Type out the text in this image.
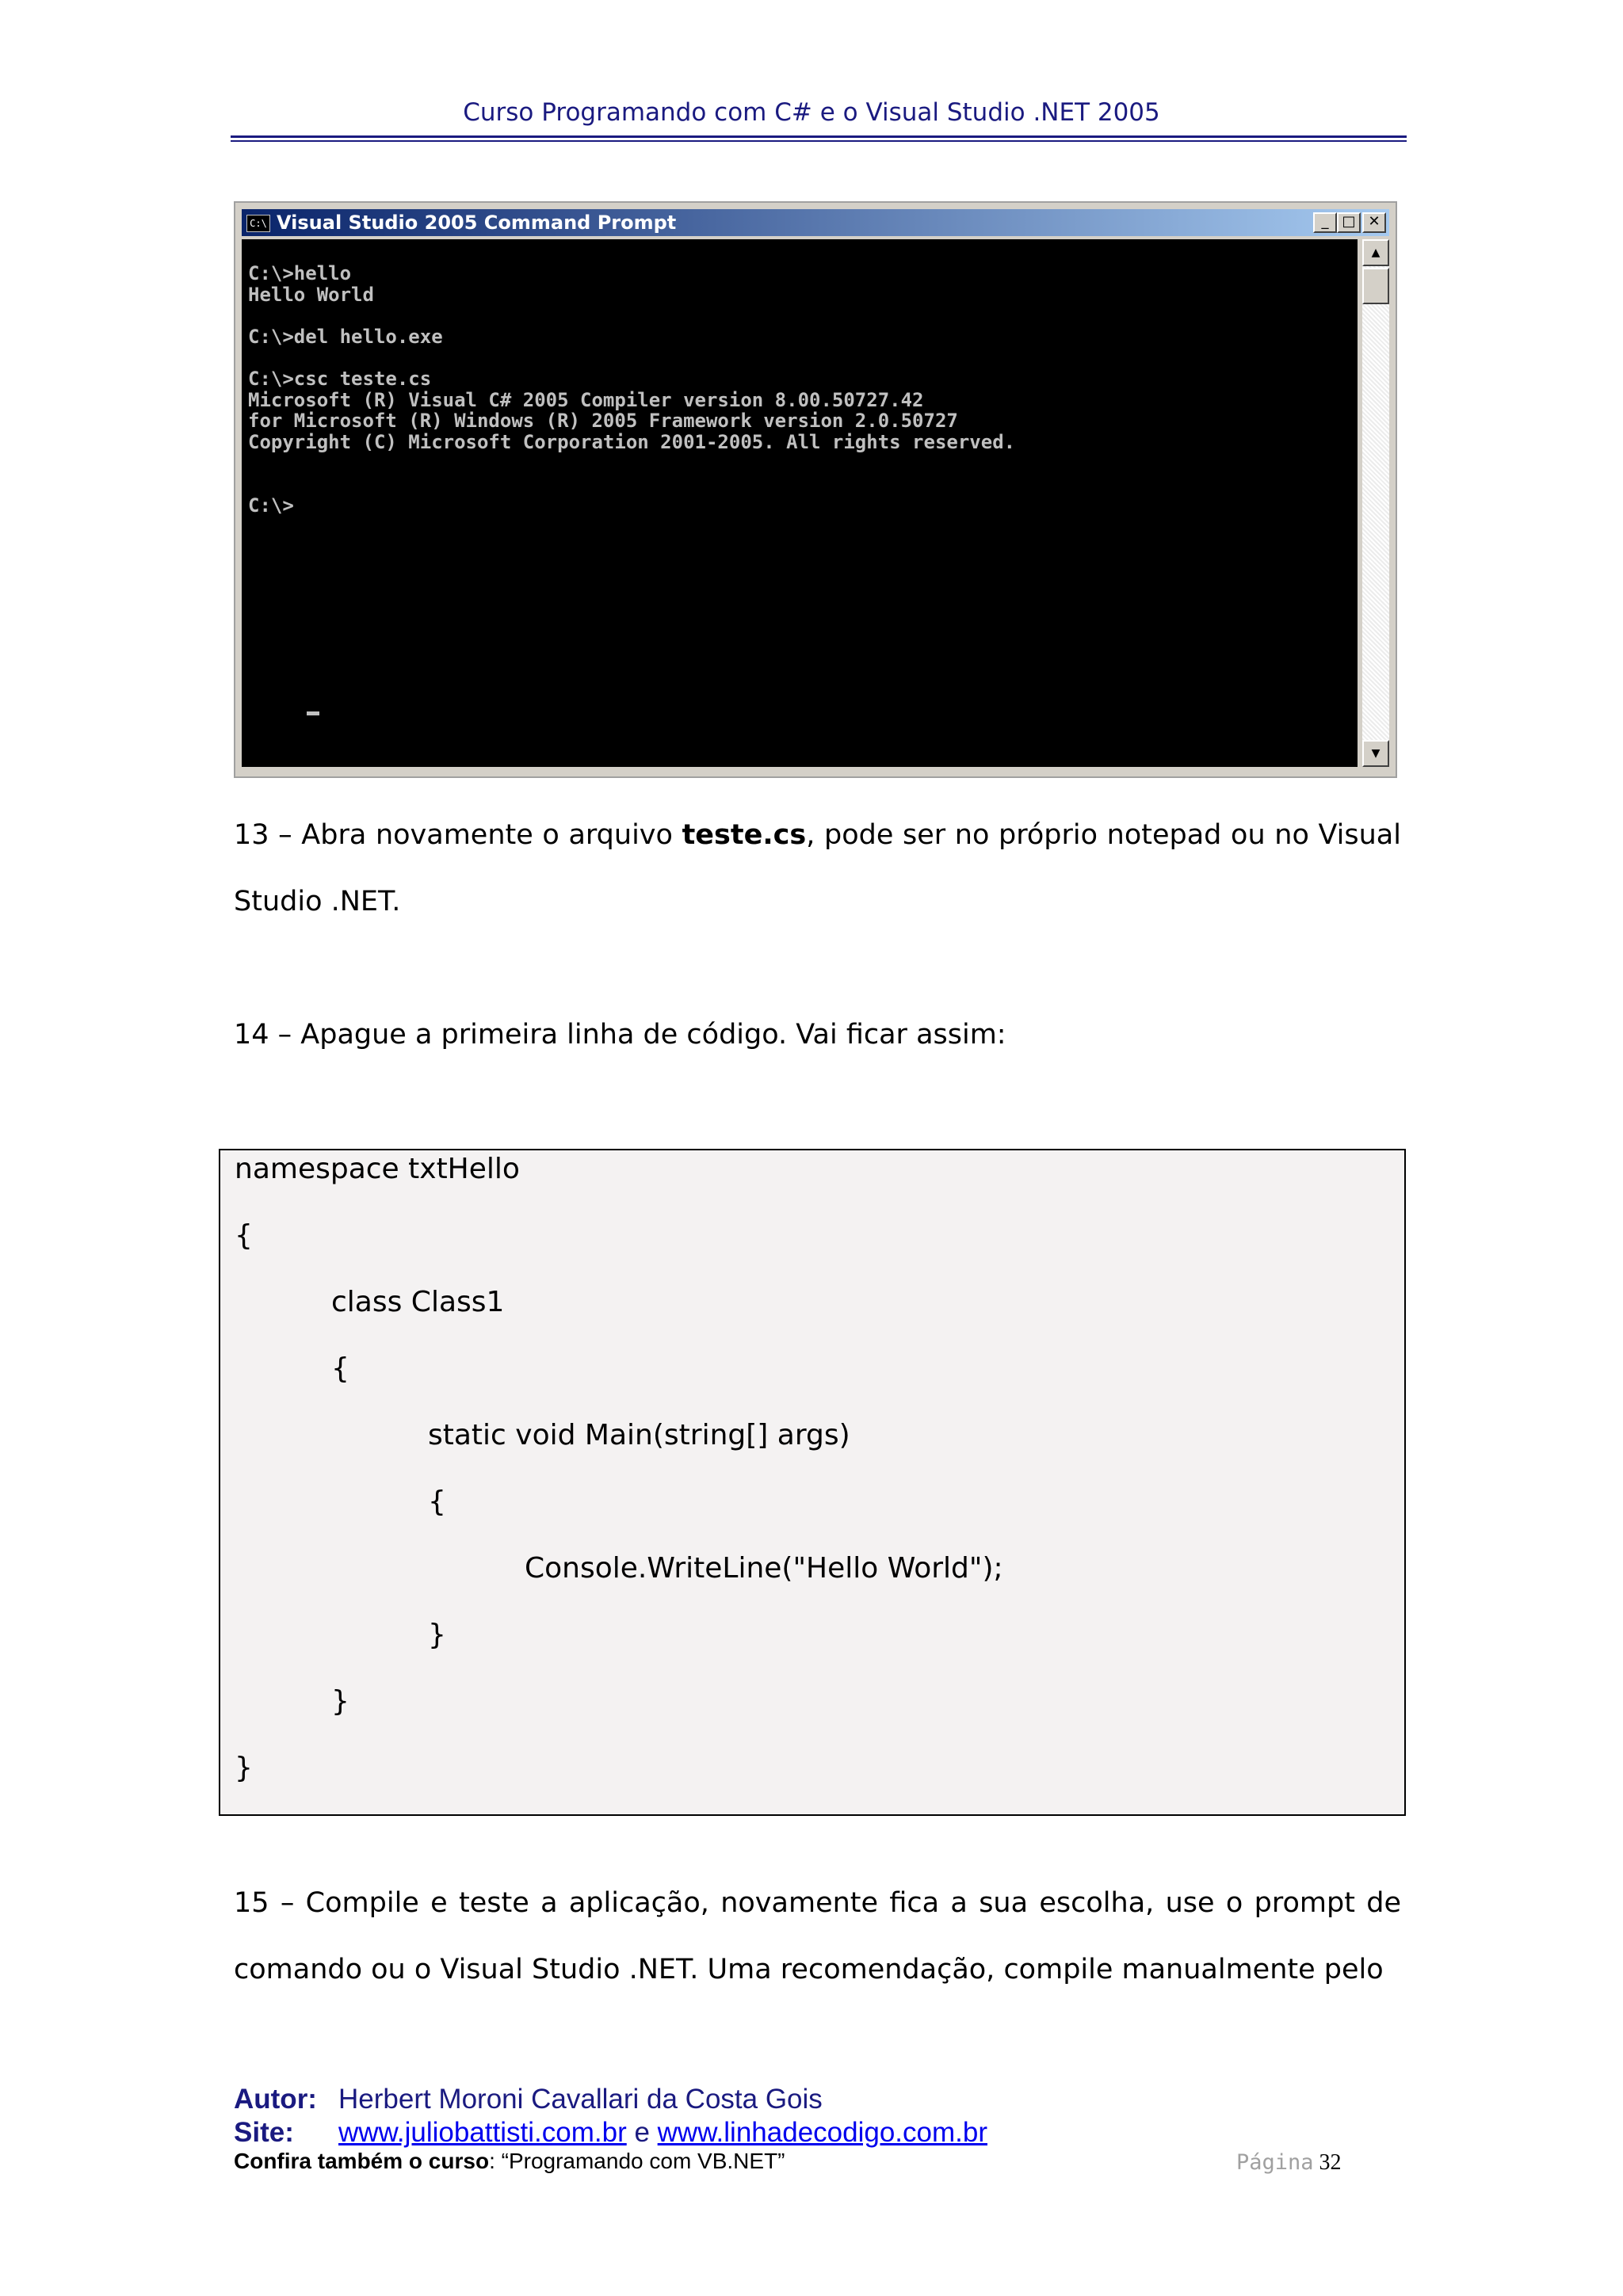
Curso Programando com C# e o Visual Studio .NET 2005
C:\ Visual Studio 2005 Command Prompt	_ □ ✕
C:\>hello
Hello World

C:\>del hello.exe

C:\>csc teste.cs
Microsoft (R) Visual C# 2005 Compiler version 8.00.50727.42
for Microsoft (R) Windows (R) 2005 Framework version 2.0.50727
Copyright (C) Microsoft Corporation 2001-2005. All rights reserved.

C:\>
▲
▼
13 – Abra novamente o arquivo teste.cs, pode ser no próprio notepad ou no Visual Studio .NET.
14 – Apague a primeira linha de código. Vai ficar assim:
namespace txtHello
{
class Class1
{
static void Main(string[] args)
{
Console.WriteLine("Hello World");
}
}
}
15 – Compile e teste a aplicação, novamente fica a sua escolha, use o prompt de comando ou o Visual Studio .NET. Uma recomendação, compile manualmente pelo
Autor: Herbert Moroni Cavallari da Costa Gois
Site: www.juliobattisti.com.br e www.linhadecodigo.com.br
Confira também o curso: “Programando com VB.NET”	Página 32
